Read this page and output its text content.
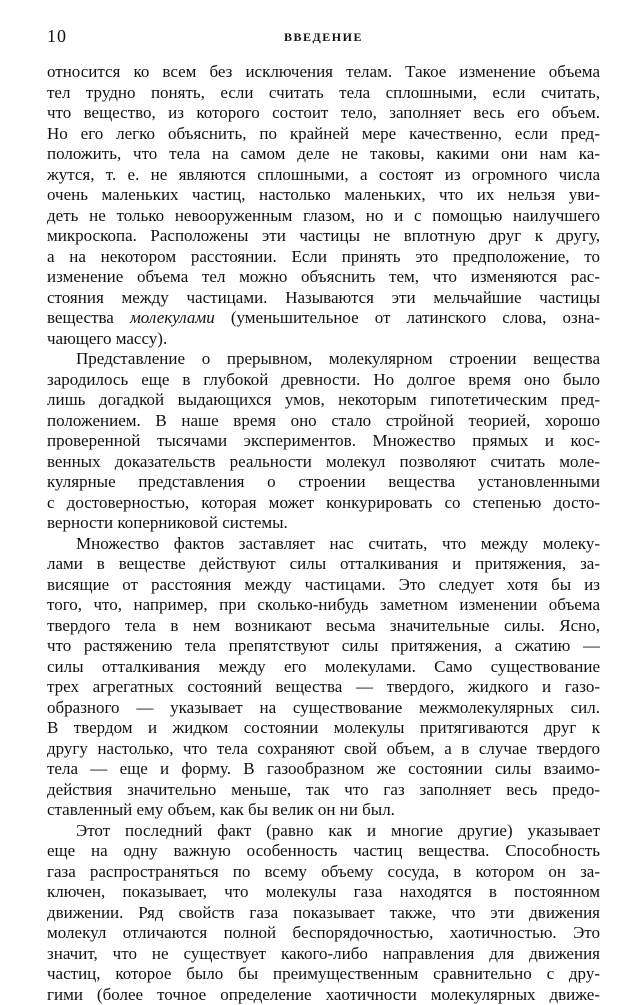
10	ВВЕДЕНИЕ
относится ко всем без исключения телам. Такое изменение объема
тел трудно понять, если считать тела сплошными, если считать,
что вещество, из которого состоит тело, заполняет весь его объем.
Но его легко объяснить, по крайней мере качественно, если пред-
положить, что тела на самом деле не таковы, какими они нам ка-
жутся, т. е. не являются сплошными, а состоят из огромного числа
очень маленьких частиц, настолько маленьких, что их нельзя уви-
деть не только невооруженным глазом, но и с помощью наилучшего
микроскопа. Расположены эти частицы не вплотную друг к другу,
а на некотором расстоянии. Если принять это предположение, то
изменение объема тел можно объяснить тем, что изменяются рас-
стояния между частицами. Называются эти мельчайшие частицы
вещества молекулами (уменьшительное от латинского слова, озна-
чающего массу).
Представление о прерывном, молекулярном строении вещества
зародилось еще в глубокой древности. Но долгое время оно было
лишь догадкой выдающихся умов, некоторым гипотетическим пред-
положением. В наше время оно стало стройной теорией, хорошо
проверенной тысячами экспериментов. Множество прямых и кос-
венных доказательств реальности молекул позволяют считать моле-
кулярные представления о строении вещества установленными
с достоверностью, которая может конкурировать со степенью досто-
верности коперниковой системы.
Множество фактов заставляет нас считать, что между молеку-
лами в веществе действуют силы отталкивания и притяжения, за-
висящие от расстояния между частицами. Это следует хотя бы из
того, что, например, при сколько-нибудь заметном изменении объема
твердого тела в нем возникают весьма значительные силы. Ясно,
что растяжению тела препятствуют силы притяжения, а сжатию —
силы отталкивания между его молекулами. Само существование
трех агрегатных состояний вещества — твердого, жидкого и газо-
образного — указывает на существование межмолекулярных сил.
В твердом и жидком состоянии молекулы притягиваются друг к
другу настолько, что тела сохраняют свой объем, а в случае твердого
тела — еще и форму. В газообразном же состоянии силы взаимо-
действия значительно меньше, так что газ заполняет весь предо-
ставленный ему объем, как бы велик он ни был.
Этот последний факт (равно как и многие другие) указывает
еще на одну важную особенность частиц вещества. Способность
газа распространяться по всему объему сосуда, в котором он за-
ключен, показывает, что молекулы газа находятся в постоянном
движении. Ряд свойств газа показывает также, что эти движения
молекул отличаются полной беспорядочностью, хаотичностью. Это
значит, что не существует какого-либо направления для движения
частиц, которое было бы преимущественным сравнительно с дру-
гими (более точное определение хаотичности молекулярных движе-
